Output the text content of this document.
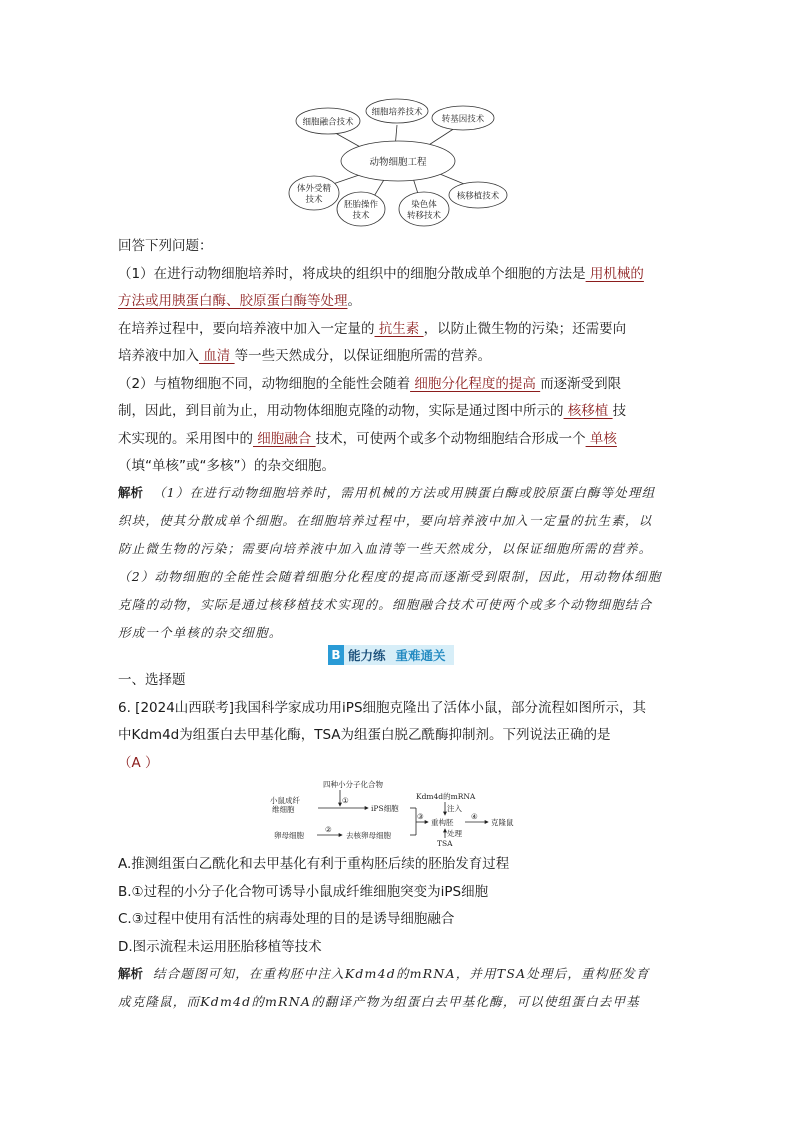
动物细胞工程
细胞融合技术
细胞培养技术
转基因技术
体外受精
技术	胚胎操作
技术
染色体
转移技术
核移植技术
回答下列问题：
（1）在进行动物细胞培养时，将成块的组织中的细胞分散成单个细胞的方法是 用机械的
方法或用胰蛋白酶、胶原蛋白酶等处理。
在培养过程中，要向培养液中加入一定量的 抗生素 ，以防止微生物的污染；还需要向
培养液中加入 血清 等一些天然成分，以保证细胞所需的营养。
（2）与植物细胞不同，动物细胞的全能性会随着 细胞分化程度的提高 而逐渐受到限
制，因此，到目前为止，用动物体细胞克隆的动物，实际是通过图中所示的 核移植 技
术实现的。采用图中的 细胞融合 技术，可使两个或多个动物细胞结合形成一个 单核
（填“单核”或“多核”）的杂交细胞。
解析 （1）在进行动物细胞培养时，需用机械的方法或用胰蛋白酶或胶原蛋白酶等处理组
织块，使其分散成单个细胞。在细胞培养过程中，要向培养液中加入一定量的抗生素，以
防止微生物的污染；需要向培养液中加入血清等一些天然成分，以保证细胞所需的营养。
（2）动物细胞的全能性会随着细胞分化程度的提高而逐渐受到限制，因此，用动物体细胞
克隆的动物，实际是通过核移植技术实现的。细胞融合技术可使两个或多个动物细胞结合
形成一个单核的杂交细胞。
B 能力练 重难通关
一、选择题
6. [2024山西联考]我国科学家成功用iPS细胞克隆出了活体小鼠，部分流程如图所示，其
中Kdm4d为组蛋白去甲基化酶，TSA为组蛋白脱乙酰酶抑制剂。下列说法正确的是
（A ）
四种小分子化合物
①
小鼠成纤
维细胞	iPS细胞
卵母细胞
②
去核卵母细胞
③
Kdm4d的mRNA
注入
重构胚
处理
TSA
④
克隆鼠
A.推测组蛋白乙酰化和去甲基化有利于重构胚后续的胚胎发育过程
B.①过程的小分子化合物可诱导小鼠成纤维细胞突变为iPS细胞
C.③过程中使用有活性的病毒处理的目的是诱导细胞融合
D.图示流程未运用胚胎移植等技术
解析 结合题图可知，在重构胚中注入Kdm4d的mRNA，并用TSA处理后，重构胚发育
成克隆鼠，而Kdm4d的mRNA的翻译产物为组蛋白去甲基化酶，可以使组蛋白去甲基
